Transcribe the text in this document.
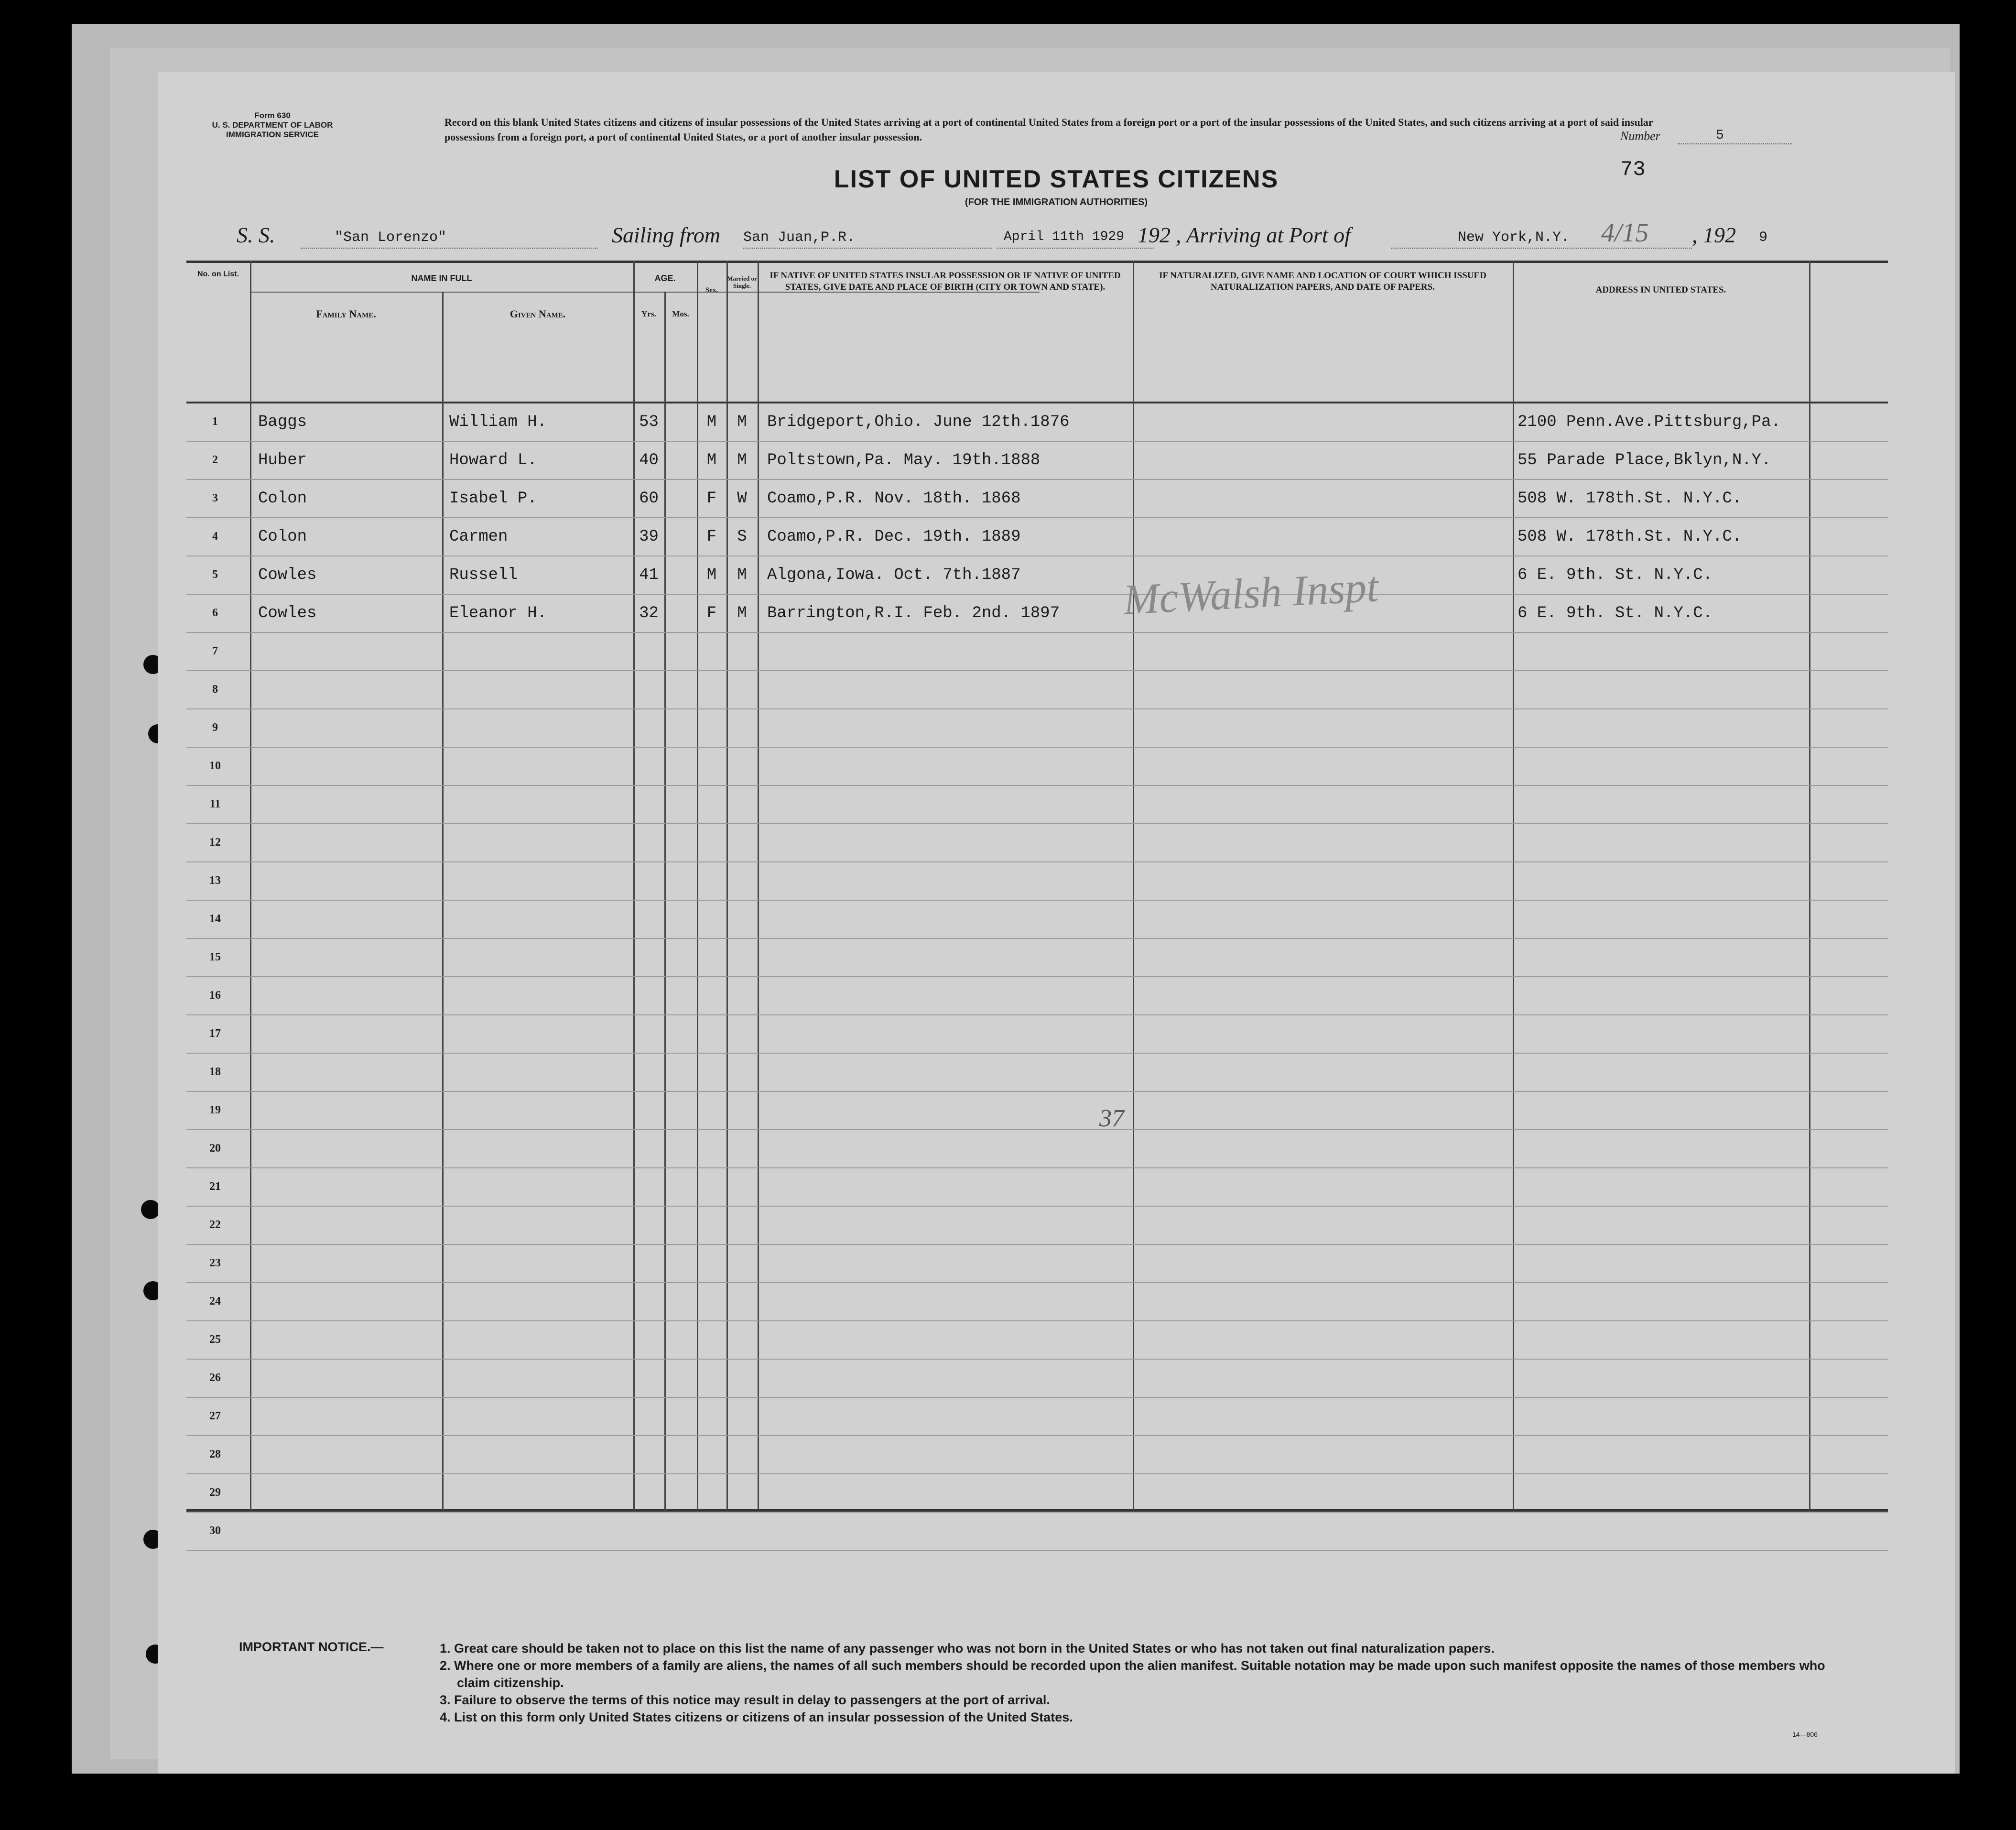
Form 630
U. S. DEPARTMENT OF LABOR
IMMIGRATION SERVICE
Record on this blank United States citizens and citizens of insular possessions of the United States arriving at a port of continental United States from a foreign port or a port of the insular possessions of the United States, and such citizens arriving at a port of said insular possessions from a foreign port, a port of continental United States, or a port of another insular possession.	Number	5
73
LIST OF UNITED STATES CITIZENS
(FOR THE IMMIGRATION AUTHORITIES)
S. S.	"San Lorenzo"	Sailing from San Juan,P.R.	April 11th 1929 192 , Arriving at Port of	New York,N.Y. 4/15 , 192 9
No. on List.	NAME IN FULL
Family Name.	Given Name.
AGE.
Yrs.	Mos.
Sex.
Married or Single.
IF NATIVE OF UNITED STATES INSULAR POSSESSION OR IF NATIVE OF UNITED STATES, GIVE DATE AND PLACE OF BIRTH (CITY OR TOWN AND STATE).
IF NATURALIZED, GIVE NAME AND LOCATION OF COURT WHICH ISSUED NATURALIZATION PAPERS, AND DATE OF PAPERS.	ADDRESS IN UNITED STATES.
1	Baggs	William H.	53	M	M	Bridgeport,Ohio. June 12th.1876	2100 Penn.Ave.Pittsburg,Pa.
2	Huber	Howard L.	40	M	M	Poltstown,Pa. May. 19th.1888	55 Parade Place,Bklyn,N.Y.
3	Colon	Isabel P.	60	F	W	Coamo,P.R. Nov. 18th. 1868	508 W. 178th.St. N.Y.C.
4	Colon	Carmen	39	F	S	Coamo,P.R. Dec. 19th. 1889	508 W. 178th.St. N.Y.C.
5	Cowles	Russell	41	M	M	Algona,Iowa. Oct. 7th.1887	6 E. 9th. St. N.Y.C.
6	Cowles	Eleanor H.	32	F	M	Barrington,R.I. Feb. 2nd. 1897	6 E. 9th. St. N.Y.C.
7
8
9
10
11
12
13
14
15
16
17
18
19
20
21
22
23
24
25
26
27
28
29
30
McWalsh Inspt
37
IMPORTANT NOTICE.—	1. Great care should be taken not to place on this list the name of any passenger who was not born in the United States or who has not taken out final naturalization papers.
2. Where one or more members of a family are aliens, the names of all such members should be recorded upon the alien manifest. Suitable notation may be made upon such manifest opposite the names of those members who claim citizenship.
3. Failure to observe the terms of this notice may result in delay to passengers at the port of arrival.
4. List on this form only United States citizens or citizens of an insular possession of the United States.
14—806
